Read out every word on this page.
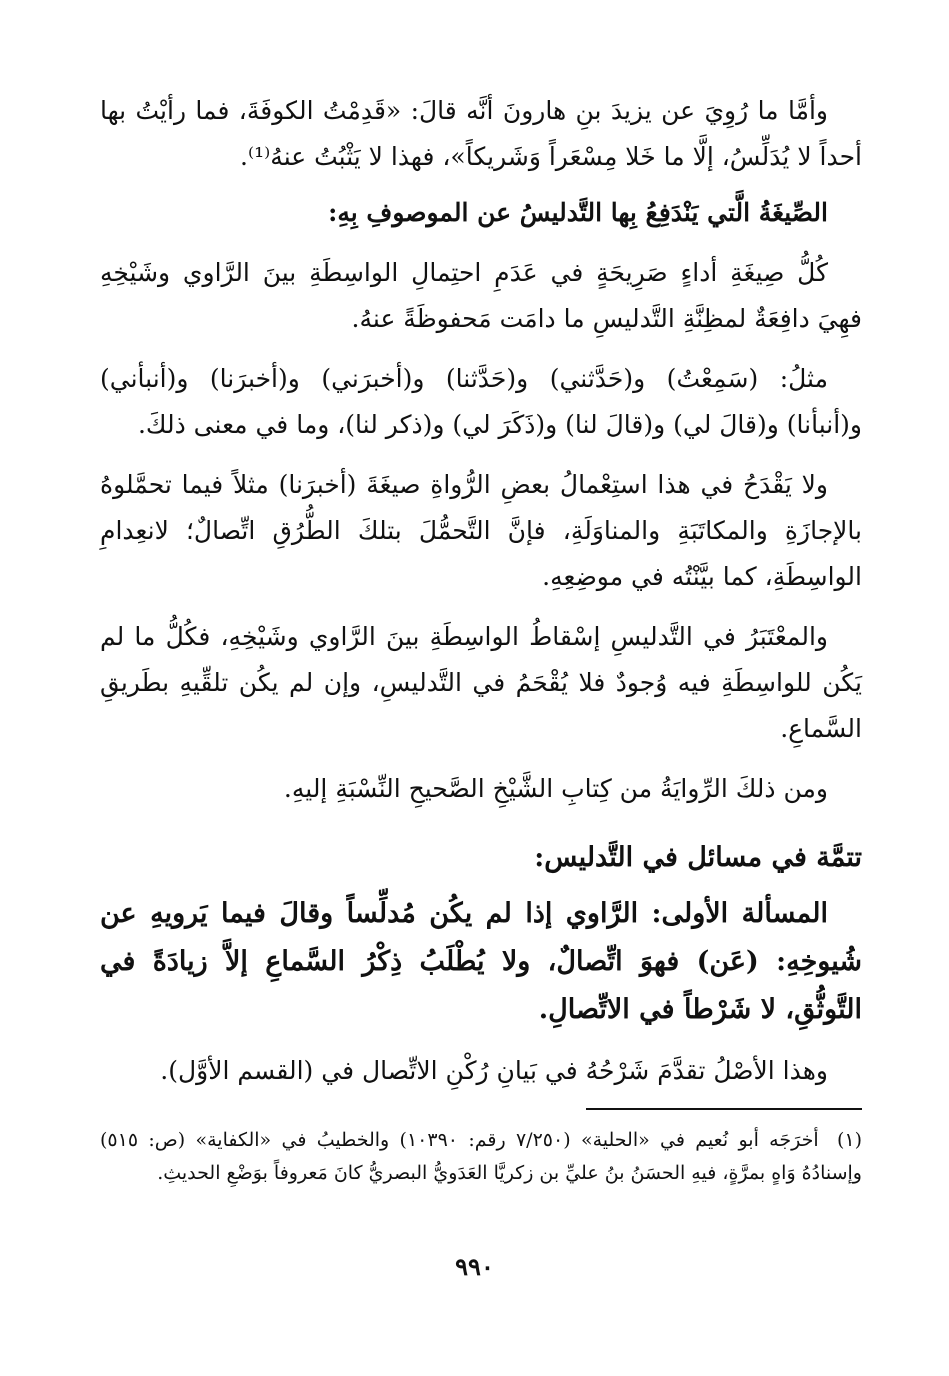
وأمَّا ما رُوِيَ عن يزيدَ بنِ هارونَ أنَّه قالَ: «قَدِمْتُ الكوفَةَ، فما رأيْتُ بها أحداً لا يُدَلِّسُ، إلَّا ما خَلا مِسْعَراً وَشَريكاً»، فهذا لا يَثْبُتُ عنهُ⁽¹⁾.

الصِّيغَةُ الَّتي يَنْدَفِعُ بِها التَّدليسُ عن الموصوفِ بِهِ:

كُلُّ صِيغَةِ أداءٍ صَرِيحَةٍ في عَدَمِ احتِمالِ الواسِطَةِ بينَ الرَّاوي وشَيْخِهِ فهِيَ دافِعَةٌ لمظِنَّةِ التَّدليسِ ما دامَت مَحفوظَةً عنهُ.

مثلُ: (سَمِعْتُ) و(حَدَّثني) و(حَدَّثنا) و(أخبرَني) و(أخبرَنا) و(أنبأني) و(أنبأنا) و(قالَ لي) و(قالَ لنا) و(ذَكَرَ لي) و(ذكر لنا)، وما في معنى ذلكَ.

ولا يَقْدَحُ في هذا استِعْمالُ بعضِ الرُّواةِ صيغَةَ (أخبرَنا) مثلاً فيما تحمَّلوهُ بالإجازَةِ والمكاتَبَةِ والمناوَلَةِ، فإنَّ التَّحمُّلَ بتلكَ الطُّرُقِ اتِّصالٌ؛ لانعِدامِ الواسِطَةِ، كما بيَّنْتُه في موضِعِهِ.

والمعْتَبَرُ في التَّدليسِ إسْقاطُ الواسِطَةِ بينَ الرَّاوي وشَيْخِهِ، فكُلُّ ما لم يَكُن للواسِطَةِ فيه وُجودٌ فلا يُقْحَمُ في التَّدليسِ، وإن لم يكُن تلقِّيهِ بطَريقِ السَّماعِ.

ومن ذلكَ الرِّوايَةُ من كِتابِ الشَّيْخِ الصَّحيحِ النِّسْبَةِ إليهِ.

تتمَّة في مسائل في التَّدليس:

المسألة الأولى: الرَّاوي إذا لم يكُن مُدلِّساً وقالَ فيما يَرويهِ عن شُيوخِهِ: (عَن) فهوَ اتِّصالٌ، ولا يُطْلَبُ ذِكْرُ السَّماعِ إلاَّ زيادَةً في التَّوثُّقِ، لا شَرْطاً في الاتِّصالِ.

وهذا الأصْلُ تقدَّمَ شَرْحُهُ في بَيانِ رُكْنِ الاتِّصال في (القسم الأوَّل).

(١) أخرَجَه أبو نُعيم في «الحلية» (٧/٢٥٠ رقم: ١٠٣٩٠) والخطيبُ في «الكفاية» (ص: ٥١٥) وإسنادُهُ وَاهٍ بمرَّةٍ، فيهِ الحسَنُ بنُ عليِّ بن زكريَّا العَدَويُّ البصريُّ كانَ مَعروفاً بوَضْعِ الحديثِ.
٩٩٠
